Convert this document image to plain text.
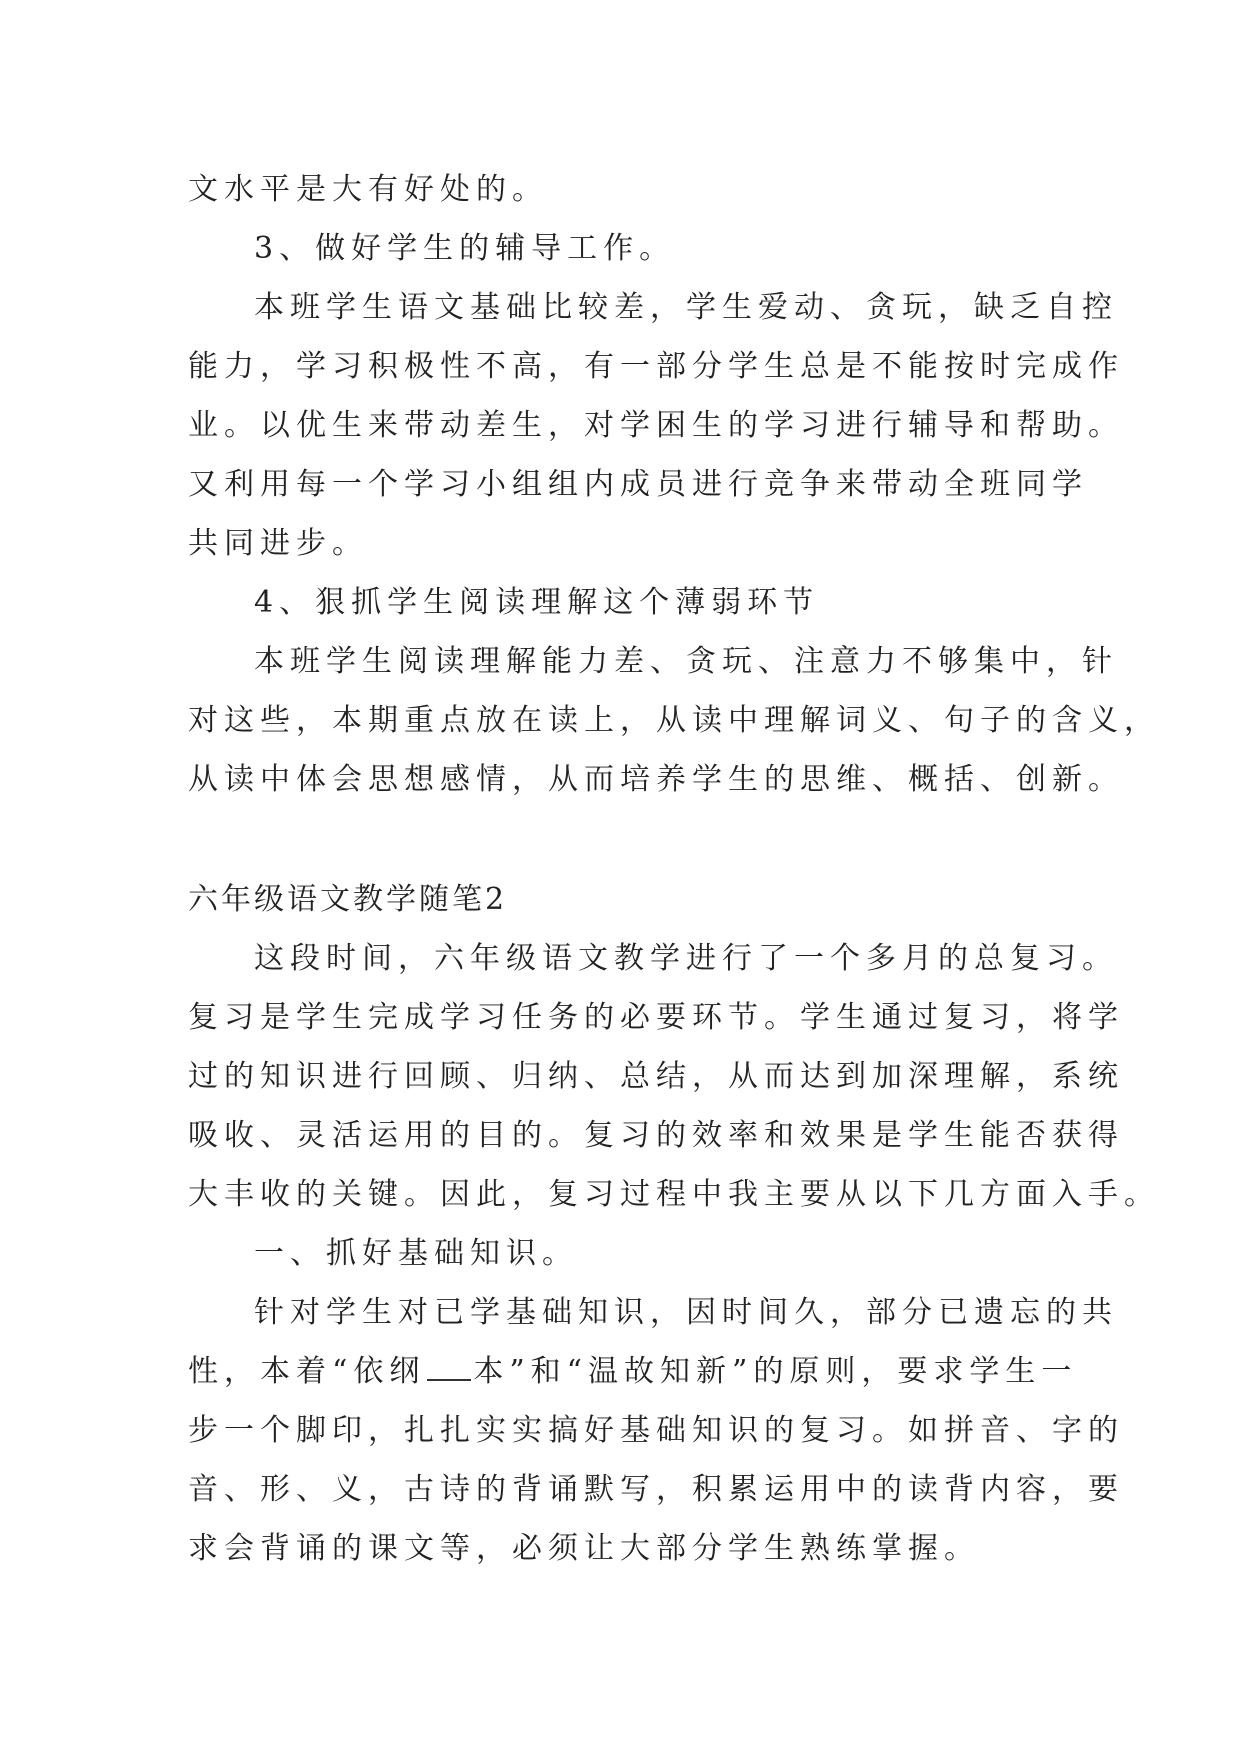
文水平是大有好处的。
3、做好学生的辅导工作。
本班学生语文基础比较差，学生爱动、贪玩，缺乏自控
能力，学习积极性不高，有一部分学生总是不能按时完成作
业。以优生来带动差生，对学困生的学习进行辅导和帮助。
又利用每一个学习小组组内成员进行竞争来带动全班同学
共同进步。
4、狠抓学生阅读理解这个薄弱环节
本班学生阅读理解能力差、贪玩、注意力不够集中，针
对这些，本期重点放在读上，从读中理解词义、句子的含义，
从读中体会思想感情，从而培养学生的思维、概括、创新。
六年级语文教学随笔2
这段时间，六年级语文教学进行了一个多月的总复习。
复习是学生完成学习任务的必要环节。学生通过复习，将学
过的知识进行回顾、归纳、总结，从而达到加深理解，系统
吸收、灵活运用的目的。复习的效率和效果是学生能否获得
大丰收的关键。因此，复习过程中我主要从以下几方面入手。
一、抓好基础知识。
针对学生对已学基础知识，因时间久，部分已遗忘的共
性，本着“依纲 本”和“温故知新”的原则，要求学生一
步一个脚印，扎扎实实搞好基础知识的复习。如拼音、字的
音、形、义，古诗的背诵默写，积累运用中的读背内容，要
求会背诵的课文等，必须让大部分学生熟练掌握。
